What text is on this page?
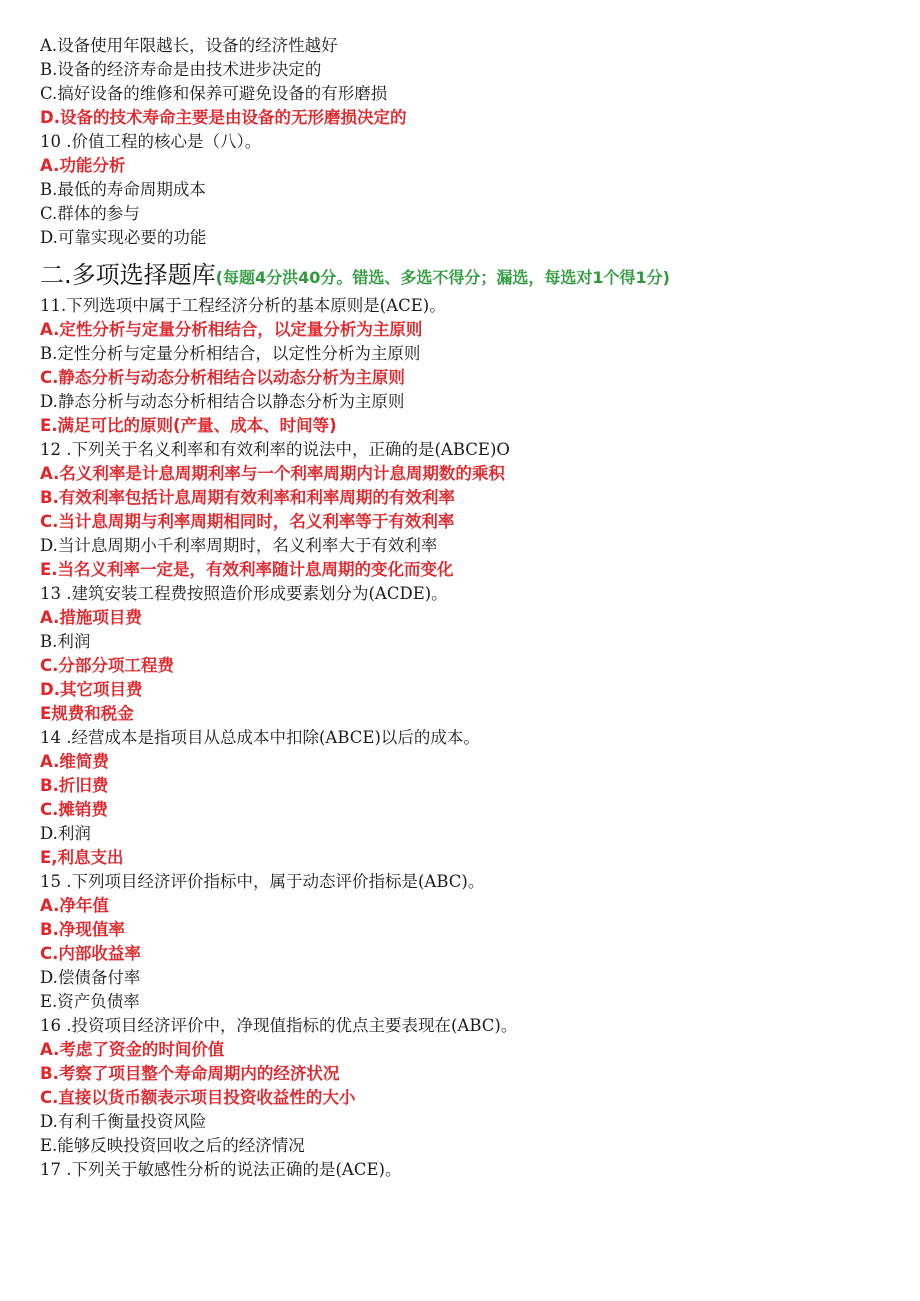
A.设备使用年限越长，设备的经济性越好
B.设备的经济寿命是由技术进步决定的
C.搞好设备的维修和保养可避免设备的有形磨损
D.设备的技术寿命主要是由设备的无形磨损决定的
10 .价值工程的核心是（八）。
A.功能分析
B.最低的寿命周期成本
C.群体的参与
D.可靠实现必要的功能
二.多项选择题库(每题4分洪40分。错选、多选不得分；漏选，每选对1个得1分)
11.下列选项中属于工程经济分析的基本原则是(ACE)。
A.定性分析与定量分析相结合，以定量分析为主原则
B.定性分析与定量分析相结合，以定性分析为主原则
C.静态分析与动态分析相结合以动态分析为主原则
D.静态分析与动态分析相结合以静态分析为主原则
E.满足可比的原则(产量、成本、时间等)
12 .下列关于名义利率和有效利率的说法中，正确的是(ABCE)O
A.名义利率是计息周期利率与一个利率周期内计息周期数的乘积
B.有效利率包括计息周期有效利率和利率周期的有效利率
C.当计息周期与利率周期相同时，名义利率等于有效利率
D.当计息周期小千利率周期时，名义利率大于有效利率
E.当名义利率一定是，有效利率随计息周期的变化而变化
13 .建筑安装工程费按照造价形成要素划分为(ACDE)。
A.措施项目费
B.利润
C.分部分项工程费
D.其它项目费
E规费和税金
14 .经营成本是指项目从总成本中扣除(ABCE)以后的成本。
A.维简费
B.折旧费
C.摊销费
D.利润
E,利息支出
15 .下列项目经济评价指标中，属于动态评价指标是(ABC)。
A.净年值
B.净现值率
C.内部收益率
D.偿债备付率
E.资产负债率
16 .投资项目经济评价中，净现值指标的优点主要表现在(ABC)。
A.考虑了资金的时间价值
B.考察了项目整个寿命周期内的经济状况
C.直接以货币额表示项目投资收益性的大小
D.有利千衡量投资风险
E.能够反映投资回收之后的经济情况
17 .下列关于敏感性分析的说法正确的是(ACE)。
